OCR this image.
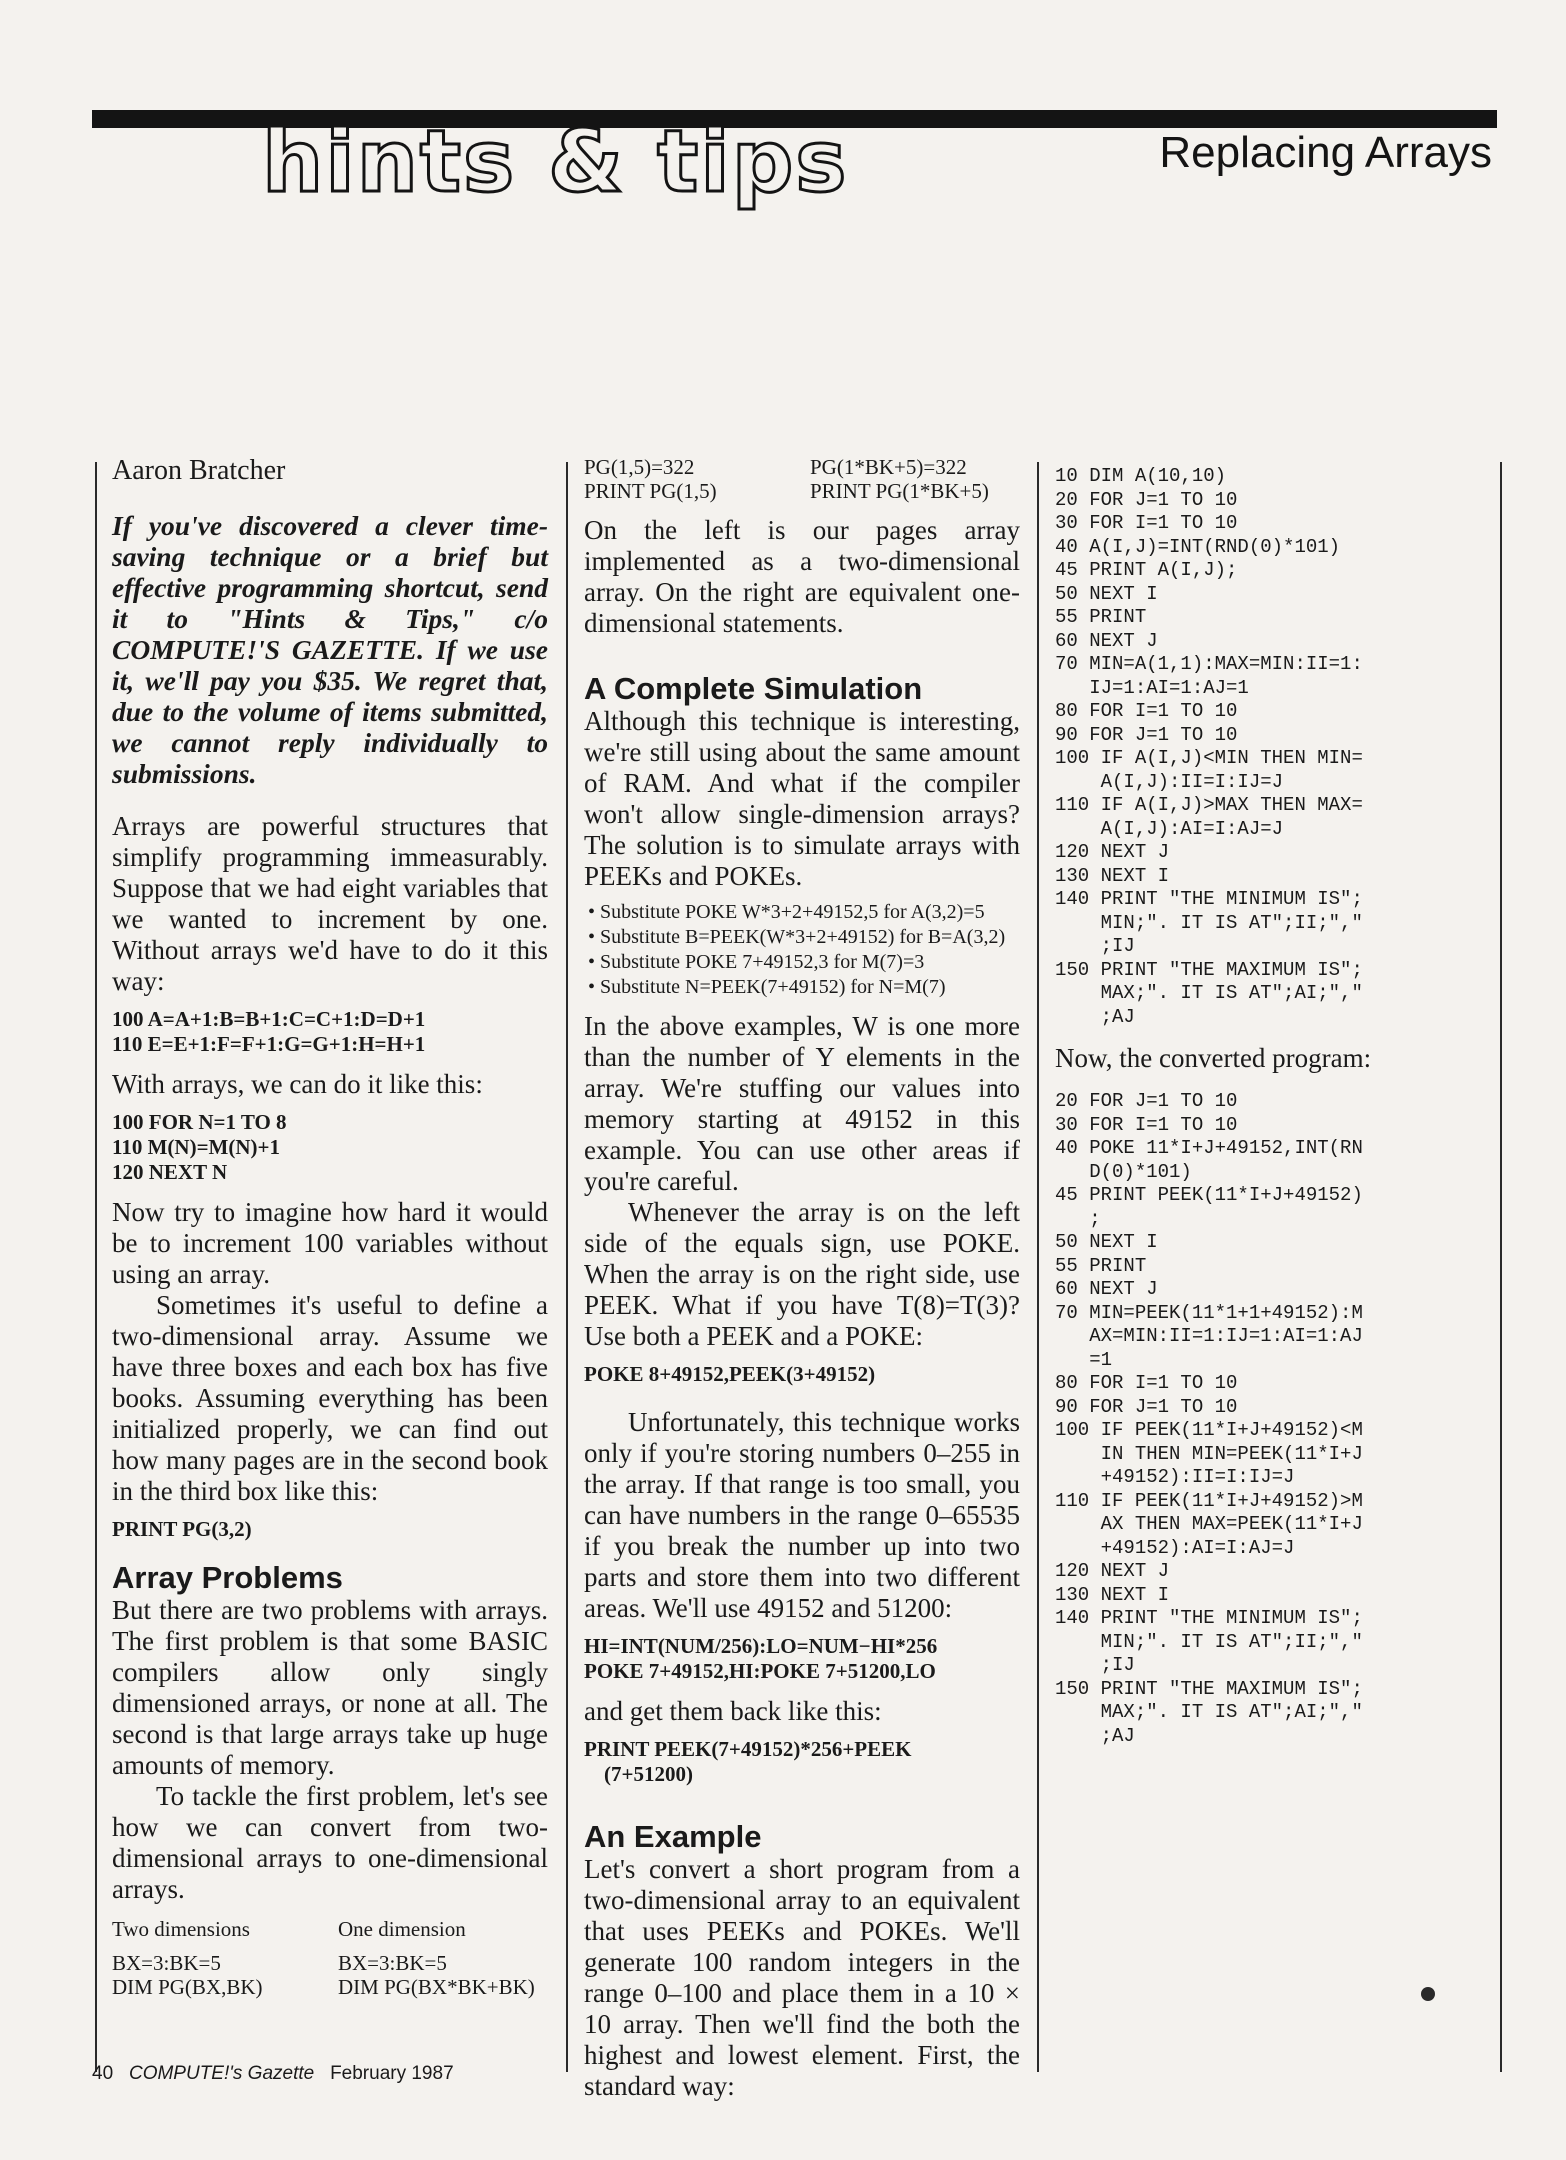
hints & tips	Replacing Arrays

Aaron Bratcher

If you've discovered a clever time-saving technique or a brief but effective programming shortcut, send it to "Hints & Tips," c/o COMPUTE!'S GAZETTE. If we use it, we'll pay you $35. We regret that, due to the volume of items submitted, we cannot reply individually to submissions.

Arrays are powerful structures that simplify programming immeasurably. Suppose that we had eight variables that we wanted to increment by one. Without arrays we'd have to do it this way:

100 A=A+1:B=B+1:C=C+1:D=D+1
110 E=E+1:F=F+1:G=G+1:H=H+1

With arrays, we can do it like this:

100 FOR N=1 TO 8
110 M(N)=M(N)+1
120 NEXT N

Now try to imagine how hard it would be to increment 100 variables without using an array.

Sometimes it's useful to define a two-dimensional array. Assume we have three boxes and each box has five books. Assuming everything has been initialized properly, we can find out how many pages are in the second book in the third box like this:

PRINT PG(3,2)
Array Problems

But there are two problems with arrays. The first problem is that some BASIC compilers allow only singly dimensioned arrays, or none at all. The second is that large arrays take up huge amounts of memory.

To tackle the first problem, let's see how we can convert from two-dimensional arrays to one-dimensional arrays.

Two dimensions	One dimension
BX=3:BK=5	BX=3:BK=5
DIM PG(BX,BK)	DIM PG(BX*BK+BK)
PG(1,5)=322	PG(1*BK+5)=322
PRINT PG(1,5)	PRINT PG(1*BK+5)

On the left is our pages array implemented as a two-dimensional array. On the right are equivalent one-dimensional statements.

A Complete Simulation

Although this technique is interesting, we're still using about the same amount of RAM. And what if the compiler won't allow single-dimension arrays? The solution is to simulate arrays with PEEKs and POKEs.

• Substitute POKE W*3+2+49152,5 for A(3,2)=5
• Substitute B=PEEK(W*3+2+49152) for B=A(3,2)
• Substitute POKE 7+49152,3 for M(7)=3
• Substitute N=PEEK(7+49152) for N=M(7)

In the above examples, W is one more than the number of Y elements in the array. We're stuffing our values into memory starting at 49152 in this example. You can use other areas if you're careful.

Whenever the array is on the left side of the equals sign, use POKE. When the array is on the right side, use PEEK. What if you have T(8)=T(3)? Use both a PEEK and a POKE:

POKE 8+49152,PEEK(3+49152)

Unfortunately, this technique works only if you're storing numbers 0–255 in the array. If that range is too small, you can have numbers in the range 0–65535 if you break the number up into two parts and store them into two different areas. We'll use 49152 and 51200:

HI=INT(NUM/256):LO=NUM−HI*256
POKE 7+49152,HI:POKE 7+51200,LO

and get them back like this:

PRINT PEEK(7+49152)*256+PEEK
(7+51200)
An Example

Let's convert a short program from a two-dimensional array to an equivalent that uses PEEKs and POKEs. We'll generate 100 random integers in the range 0–100 and place them in a 10 × 10 array. Then we'll find the both the highest and lowest element. First, the standard way:

10 DIM A(10,10)
20 FOR J=1 TO 10
30 FOR I=1 TO 10
40 A(I,J)=INT(RND(0)*101)
45 PRINT A(I,J);
50 NEXT I
55 PRINT
60 NEXT J
70 MIN=A(1,1):MAX=MIN:II=1:
IJ=1:AI=1:AJ=1
80 FOR I=1 TO 10
90 FOR J=1 TO 10
100 IF A(I,J)<MIN THEN MIN=
A(I,J):II=I:IJ=J
110 IF A(I,J)>MAX THEN MAX=
A(I,J):AI=I:AJ=J
120 NEXT J
130 NEXT I
140 PRINT "THE MINIMUM IS";
MIN;". IT IS AT";II;","
;IJ
150 PRINT "THE MAXIMUM IS";
MAX;". IT IS AT";AI;","
;AJ

Now, the converted program:

20 FOR J=1 TO 10
30 FOR I=1 TO 10
40 POKE 11*I+J+49152,INT(RN
D(0)*101)
45 PRINT PEEK(11*I+J+49152)
;
50 NEXT I
55 PRINT
60 NEXT J
70 MIN=PEEK(11*1+1+49152):M
AX=MIN:II=1:IJ=1:AI=1:AJ
=1
80 FOR I=1 TO 10
90 FOR J=1 TO 10
100 IF PEEK(11*I+J+49152)<M
IN THEN MIN=PEEK(11*I+J
+49152):II=I:IJ=J
110 IF PEEK(11*I+J+49152)>M
AX THEN MAX=PEEK(11*I+J
+49152):AI=I:AJ=J
120 NEXT J
130 NEXT I
140 PRINT "THE MINIMUM IS";
MIN;". IT IS AT";II;","
;IJ
150 PRINT "THE MAXIMUM IS";
MAX;". IT IS AT";AI;","
;AJ
40 COMPUTE!'s Gazette February 1987
